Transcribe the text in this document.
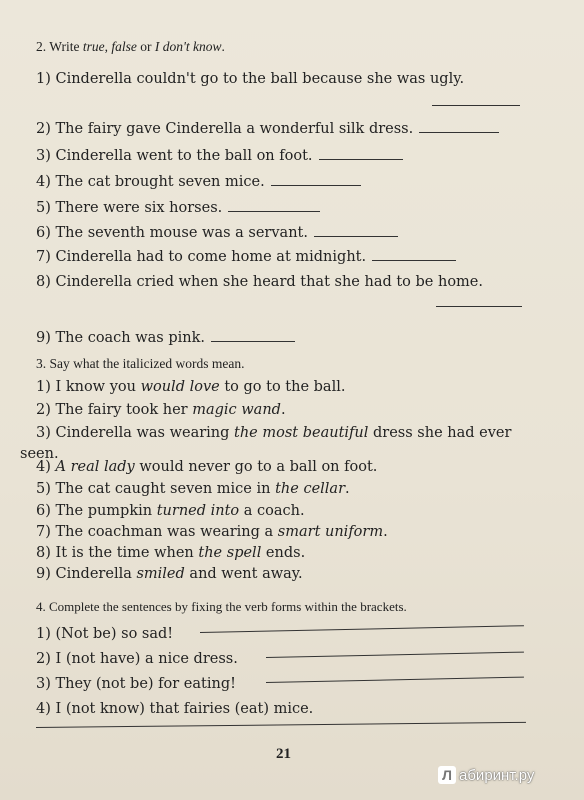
2. Write true, false or I don't know.
1) Cinderella couldn't go to the ball because she was ugly.
2) The fairy gave Cinderella a wonderful silk dress.
3) Cinderella went to the ball on foot.
4) The cat brought seven mice.
5) There were six horses.
6) The seventh mouse was a servant.
7) Cinderella had to come home at midnight.
8) Cinderella cried when she heard that she had to be home.
9) The coach was pink.
3. Say what the italicized words mean.
1) I know you would love to go to the ball.
2) The fairy took her magic wand.
3) Cinderella was wearing the most beautiful dress she had ever
seen.
4) A real lady would never go to a ball on foot.
5) The cat caught seven mice in the cellar.
6) The pumpkin turned into a coach.
7) The coachman was wearing a smart uniform.
8) It is the time when the spell ends.
9) Cinderella smiled and went away.
4. Complete the sentences by fixing the verb forms within the brackets.
1) (Not be) so sad!
2) I (not have) a nice dress.
3) They (not be) for eating!
4) I (not know) that fairies (eat) mice.
21
Л абиринт.ру
